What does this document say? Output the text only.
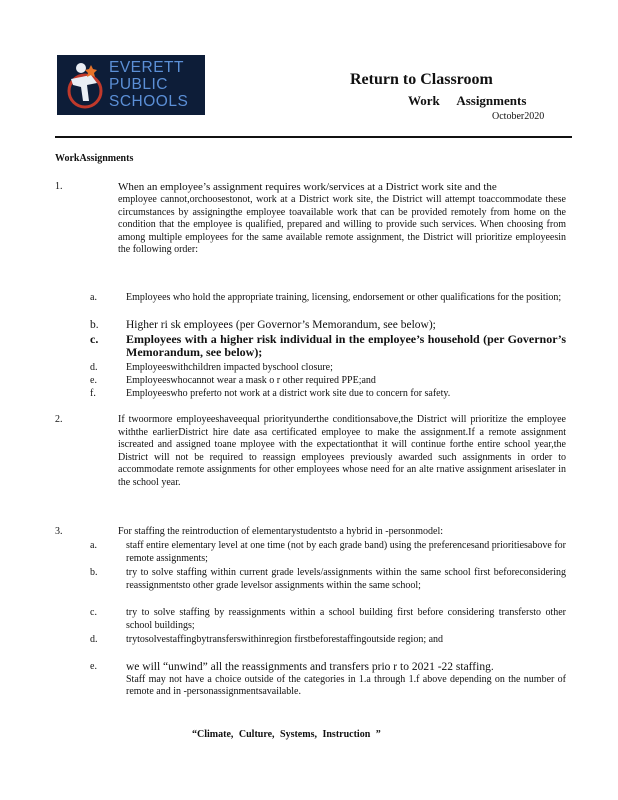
EVERETT
PUBLIC
SCHOOLS
Return to Classroom
Work Assignments
October2020
WorkAssignments
1.	When an employee’s assignment requires work/services at a District work site and the
employee cannot,orchoosestonot, work at a District work site, the District will attempt toaccommodate these circumstances by assigningthe employee toavailable work that can be provided remotely from home on the condition that the employee is qualified, prepared and willing to provide such services. When choosing from among multiple employees for the same available remote assignment, the District will prioritize employeesin the following order:
a.	Employees who hold the appropriate training, licensing, endorsement or other qualifications for the position;
b. Higher ri sk employees (per Governor’s Memorandum, see below);
c. Employees with a higher risk individual in the employee’s household (per Governor’s Memorandum, see below);
d.	Employeeswithchildren impacted byschool closure;
e.	Employeeswhocannot wear a mask o r other required PPE;and
f.	Employeeswho preferto not work at a district work site due to concern for safety.
2.	If twoormore employeeshaveequal priorityunderthe conditionsabove,the District will prioritize the employee withthe earlierDistrict hire date asa certificated employee to make the assignment.If a remote assignment iscreated and assigned toane mployee with the expectationthat it will continue forthe entire school year,the District will not be required to reassign employees previously awarded such assignments in order to accommodate remote assignments for other employees whose need for an alte rnative assignment ariseslater in the school year.
3.	For staffing the reintroduction of elementarystudentsto a hybrid in -personmodel:
a.	staff entire elementary level at one time (not by each grade band) using the preferencesand prioritiesabove for remote assignments;
b.	try to solve staffing within current grade levels/assignments within the same school first beforeconsidering reassignmentsto other grade levelsor assignments within the same school;
c.	try to solve staffing by reassignments within a school building first before considering transfersto other school buildings;
d.	trytosolvestaffingbytransferswithinregion firstbeforestaffingoutside region; and
e.	we will “unwind” all the reassignments and transfers prio r to 2021 -22 staffing.
Staff may not have a choice outside of the categories in 1.a through 1.f above depending on the number of remote and in -personassignmentsavailable.
“Climate, Culture, Systems, Instruction ”
